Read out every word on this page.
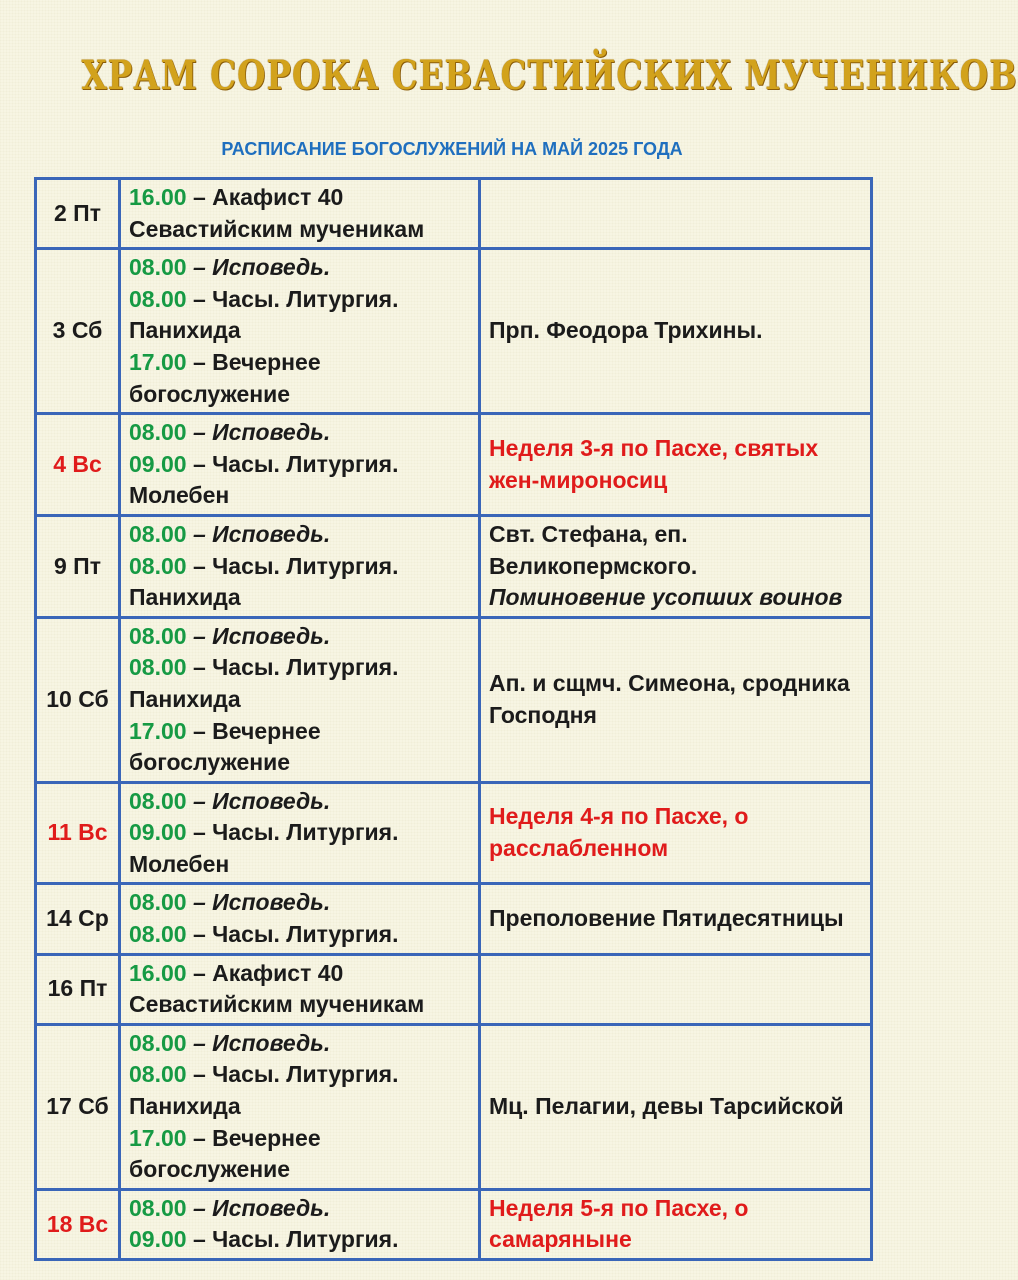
ХРАМ СОРОКА СЕВАСТИЙСКИХ МУЧЕНИКОВ
РАСПИСАНИЕ БОГОСЛУЖЕНИЙ НА МАЙ 2025 ГОДА
2 Пт	16.00 – Акафист 40
Севастийским мученикам	

3 Сб	08.00 – Исповедь.
08.00 – Часы. Литургия.
Панихида
17.00 – Вечернее
богослужение	Прп. Феодора Трихины.

4 Вс	08.00 – Исповедь.
09.00 – Часы. Литургия.
Молебен	Неделя 3-я по Пасхе, святых
жен-мироносиц

9 Пт	08.00 – Исповедь.
08.00 – Часы. Литургия.
Панихида	Свт. Стефана, еп.
Великопермского.
Поминовение усопших воинов

10 Сб	08.00 – Исповедь.
08.00 – Часы. Литургия.
Панихида
17.00 – Вечернее
богослужение	Ап. и сщмч. Симеона, сродника
Господня

11 Вс	08.00 – Исповедь.
09.00 – Часы. Литургия.
Молебен	Неделя 4-я по Пасхе, о
расслабленном

14 Ср	08.00 – Исповедь.
08.00 – Часы. Литургия.	Преполовение Пятидесятницы

16 Пт	16.00 – Акафист 40
Севастийским мученикам	

17 Сб	08.00 – Исповедь.
08.00 – Часы. Литургия.
Панихида
17.00 – Вечернее
богослужение	Мц. Пелагии, девы Тарсийской

18 Вс	08.00 – Исповедь.
09.00 – Часы. Литургия.	Неделя 5-я по Пасхе, о
самаряныне
